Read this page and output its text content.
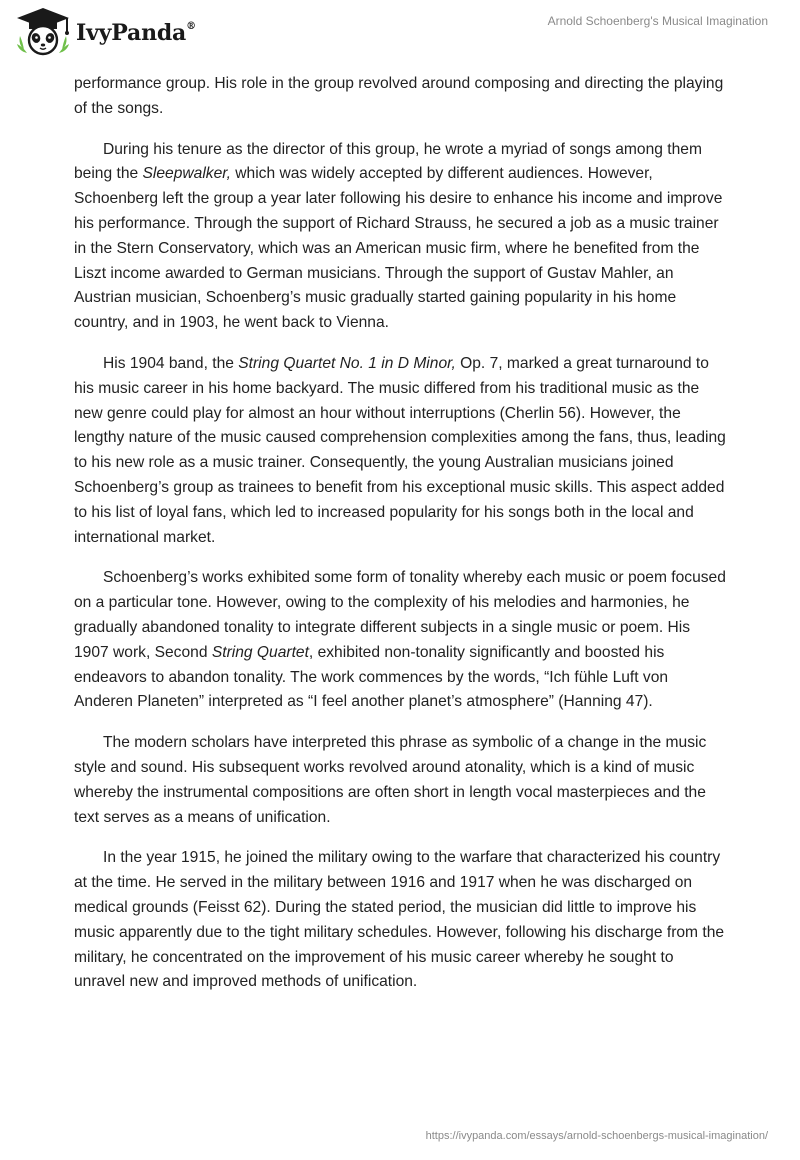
IvyPanda®	Arnold Schoenberg's Musical Imagination

performance group. His role in the group revolved around composing and directing the playing of the songs.

During his tenure as the director of this group, he wrote a myriad of songs among them being the Sleepwalker, which was widely accepted by different audiences. However, Schoenberg left the group a year later following his desire to enhance his income and improve his performance. Through the support of Richard Strauss, he secured a job as a music trainer in the Stern Conservatory, which was an American music firm, where he benefited from the Liszt income awarded to German musicians. Through the support of Gustav Mahler, an Austrian musician, Schoenberg’s music gradually started gaining popularity in his home country, and in 1903, he went back to Vienna.

His 1904 band, the String Quartet No. 1 in D Minor, Op. 7, marked a great turnaround to his music career in his home backyard. The music differed from his traditional music as the new genre could play for almost an hour without interruptions (Cherlin 56). However, the lengthy nature of the music caused comprehension complexities among the fans, thus, leading to his new role as a music trainer. Consequently, the young Australian musicians joined Schoenberg’s group as trainees to benefit from his exceptional music skills. This aspect added to his list of loyal fans, which led to increased popularity for his songs both in the local and international market.

Schoenberg’s works exhibited some form of tonality whereby each music or poem focused on a particular tone. However, owing to the complexity of his melodies and harmonies, he gradually abandoned tonality to integrate different subjects in a single music or poem. His 1907 work, Second String Quartet, exhibited non-tonality significantly and boosted his endeavors to abandon tonality. The work commences by the words, “Ich fühle Luft von Anderen Planeten” interpreted as “I feel another planet’s atmosphere” (Hanning 47).

The modern scholars have interpreted this phrase as symbolic of a change in the music style and sound. His subsequent works revolved around atonality, which is a kind of music whereby the instrumental compositions are often short in length vocal masterpieces and the text serves as a means of unification.

In the year 1915, he joined the military owing to the warfare that characterized his country at the time. He served in the military between 1916 and 1917 when he was discharged on medical grounds (Feisst 62). During the stated period, the musician did little to improve his music apparently due to the tight military schedules. However, following his discharge from the military, he concentrated on the improvement of his music career whereby he sought to unravel new and improved methods of unification.

https://ivypanda.com/essays/arnold-schoenbergs-musical-imagination/
